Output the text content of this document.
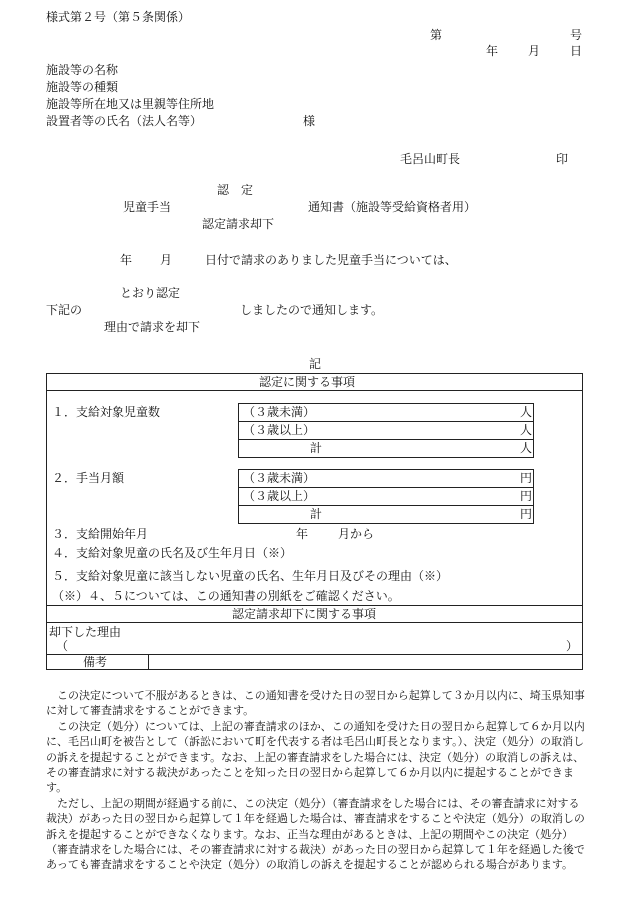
様式第２号（第５条関係）
第	号
年 月 日
施設等の名称
施設等の種類
施設等所在地又は里親等住所地
設置者等の氏名（法人名等）	様
毛呂山町長	印
認　定
児童手当	通知書（施設等受給資格者用）
認定請求却下
年 月	日付で請求のありました児童手当については、
とおり認定
下記の	しましたので通知します。
理由で請求を却下
記
認定に関する事項
１．支給対象児童数	（３歳未満）	人
（３歳以上）	人
計	人
２．手当月額	（３歳未満）	円
（３歳以上）	円
計	円
３．支給開始年月	年 月から
４．支給対象児童の氏名及び生年月日（※）
５．支給対象児童に該当しない児童の氏名、生年月日及びその理由（※）
（※）４、５については、この通知書の別紙をご確認ください。
認定請求却下に関する事項
却下した理由
（	）
備考
　この決定について不服があるときは、この通知書を受けた日の翌日から起算して３か月以内に、埼玉県知事に対して審査請求をすることができます。
　この決定（処分）については、上記の審査請求のほか、この通知を受けた日の翌日から起算して６か月以内に、毛呂山町を被告として（訴訟において町を代表する者は毛呂山町長となります。）、決定（処分）の取消しの訴えを提起することができます。なお、上記の審査請求をした場合には、決定（処分）の取消しの訴えは、その審査請求に対する裁決があったことを知った日の翌日から起算して６か月以内に提起することができます。
　ただし、上記の期間が経過する前に、この決定（処分）（審査請求をした場合には、その審査請求に対する裁決）があった日の翌日から起算して１年を経過した場合は、審査請求をすることや決定（処分）の取消しの訴えを提起することができなくなります。なお、正当な理由があるときは、上記の期間やこの決定（処分）（審査請求をした場合には、その審査請求に対する裁決）があった日の翌日から起算して１年を経過した後であっても審査請求をすることや決定（処分）の取消しの訴えを提起することが認められる場合があります。
